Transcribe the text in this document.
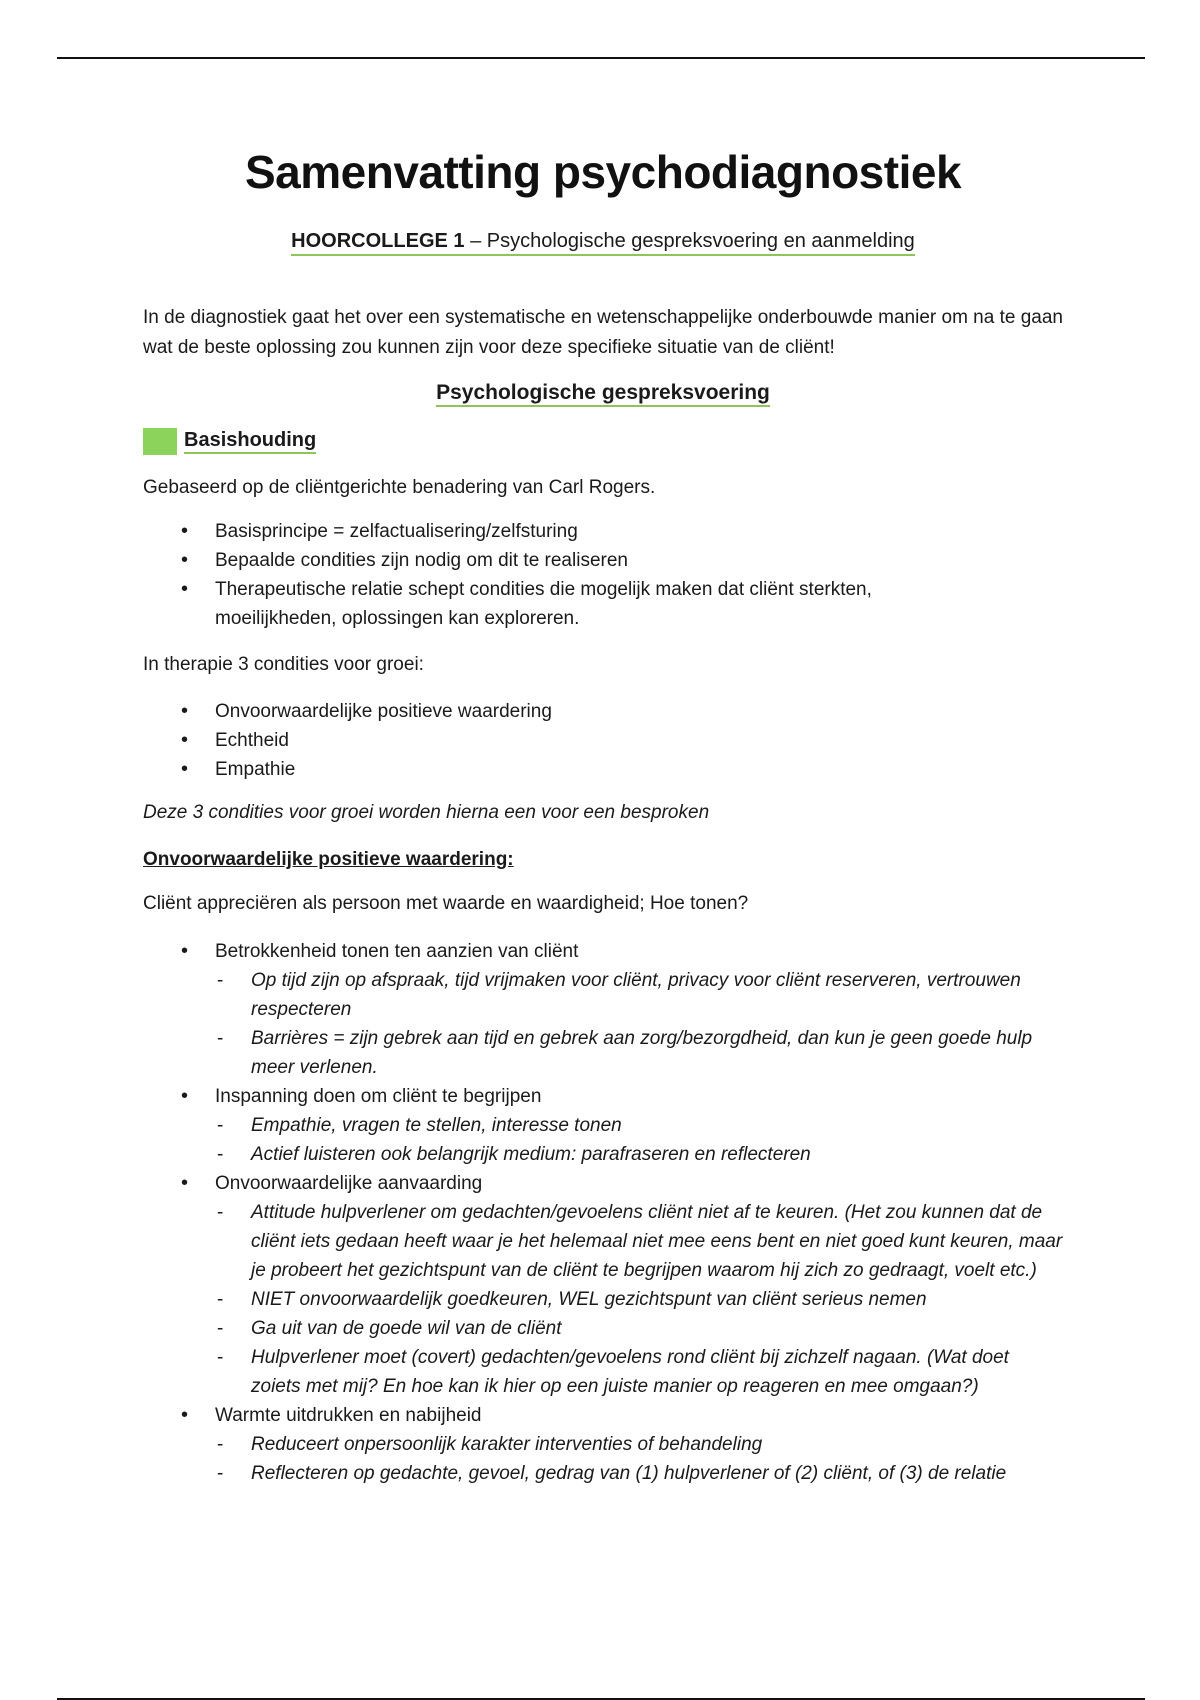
Samenvatting psychodiagnostiek
HOORCOLLEGE 1 – Psychologische gespreksvoering en aanmelding
In de diagnostiek gaat het over een systematische en wetenschappelijke onderbouwde manier om na te gaan wat de beste oplossing zou kunnen zijn voor deze specifieke situatie van de cliënt!
Psychologische gespreksvoering
Basishouding
Gebaseerd op de cliëntgerichte benadering van Carl Rogers.
• Basisprincipe = zelfactualisering/zelfsturing
• Bepaalde condities zijn nodig om dit te realiseren
• Therapeutische relatie schept condities die mogelijk maken dat cliënt sterkten, moeilijkheden, oplossingen kan exploreren.
In therapie 3 condities voor groei:
• Onvoorwaardelijke positieve waardering
• Echtheid
• Empathie
Deze 3 condities voor groei worden hierna een voor een besproken
Onvoorwaardelijke positieve waardering:
Cliënt appreciëren als persoon met waarde en waardigheid; Hoe tonen?
• Betrokkenheid tonen ten aanzien van cliënt
- Op tijd zijn op afspraak, tijd vrijmaken voor cliënt, privacy voor cliënt reserveren, vertrouwen respecteren
- Barrières = zijn gebrek aan tijd en gebrek aan zorg/bezorgdheid, dan kun je geen goede hulp meer verlenen.
• Inspanning doen om cliënt te begrijpen
- Empathie, vragen te stellen, interesse tonen
- Actief luisteren ook belangrijk medium: parafraseren en reflecteren
• Onvoorwaardelijke aanvaarding
- Attitude hulpverlener om gedachten/gevoelens cliënt niet af te keuren. (Het zou kunnen dat de cliënt iets gedaan heeft waar je het helemaal niet mee eens bent en niet goed kunt keuren, maar je probeert het gezichtspunt van de cliënt te begrijpen waarom hij zich zo gedraagt, voelt etc.)
- NIET onvoorwaardelijk goedkeuren, WEL gezichtspunt van cliënt serieus nemen
- Ga uit van de goede wil van de cliënt
- Hulpverlener moet (covert) gedachten/gevoelens rond cliënt bij zichzelf nagaan. (Wat doet zoiets met mij? En hoe kan ik hier op een juiste manier op reageren en mee omgaan?)
• Warmte uitdrukken en nabijheid
- Reduceert onpersoonlijk karakter interventies of behandeling
- Reflecteren op gedachte, gevoel, gedrag van (1) hulpverlener of (2) cliënt, of (3) de relatie
